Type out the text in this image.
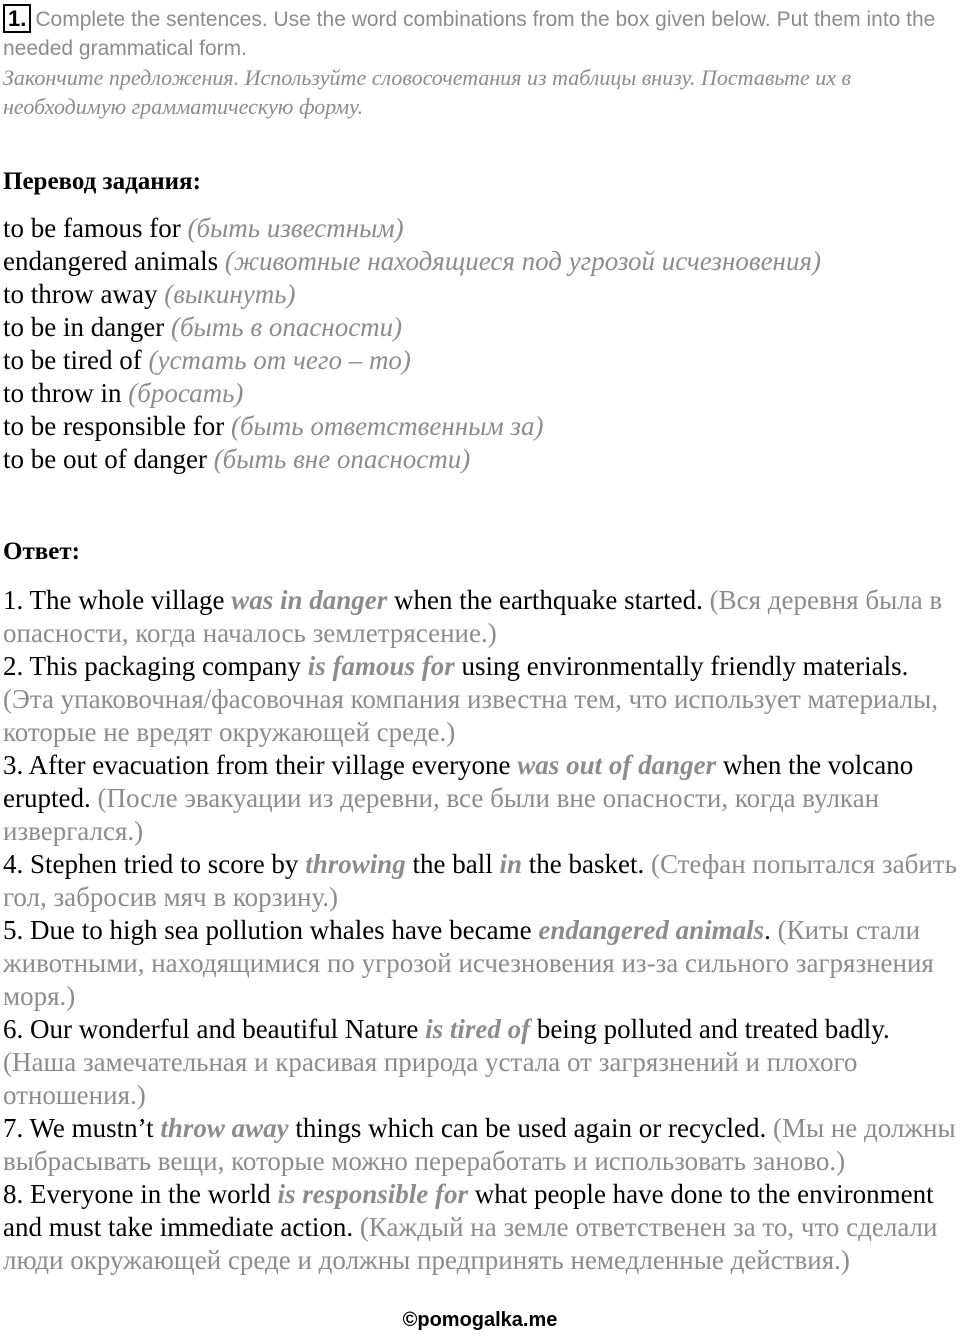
1. Complete the sentences. Use the word combinations from the box given below. Put them into the needed grammatical form.
Закончите предложения. Используйте словосочетания из таблицы внизу. Поставьте их в необходимую грамматическую форму.
Перевод задания:
to be famous for (быть известным)
endangered animals (животные находящиеся под угрозой исчезновения)
to throw away (выкинуть)
to be in danger (быть в опасности)
to be tired of (устать от чего – то)
to throw in (бросать)
to be responsible for (быть ответственным за)
to be out of danger (быть вне опасности)
Ответ:

1. The whole village was in danger when the earthquake started. (Вся деревня была в опасности, когда началось землетрясение.)

2. This packaging company is famous for using environmentally friendly materials. (Эта упаковочная/фасовочная компания известна тем, что использует материалы, которые не вредят окружающей среде.)

3. After evacuation from their village everyone was out of danger when the volcano erupted. (После эвакуации из деревни, все были вне опасности, когда вулкан извергался.)

4. Stephen tried to score by throwing the ball in the basket. (Стефан попытался забить гол, забросив мяч в корзину.)

5. Due to high sea pollution whales have became endangered animals. (Киты стали животными, находящимися по угрозой исчезновения из-за сильного загрязнения моря.)

6. Our wonderful and beautiful Nature is tired of being polluted and treated badly. (Наша замечательная и красивая природа устала от загрязнений и плохого отношения.)

7. We mustn’t throw away things which can be used again or recycled. (Мы не должны выбрасывать вещи, которые можно переработать и использовать заново.)

8. Everyone in the world is responsible for what people have done to the environment and must take immediate action. (Каждый на земле ответственен за то, что сделали люди окружающей среде и должны предпринять немедленные действия.)

©pomogalka.me
